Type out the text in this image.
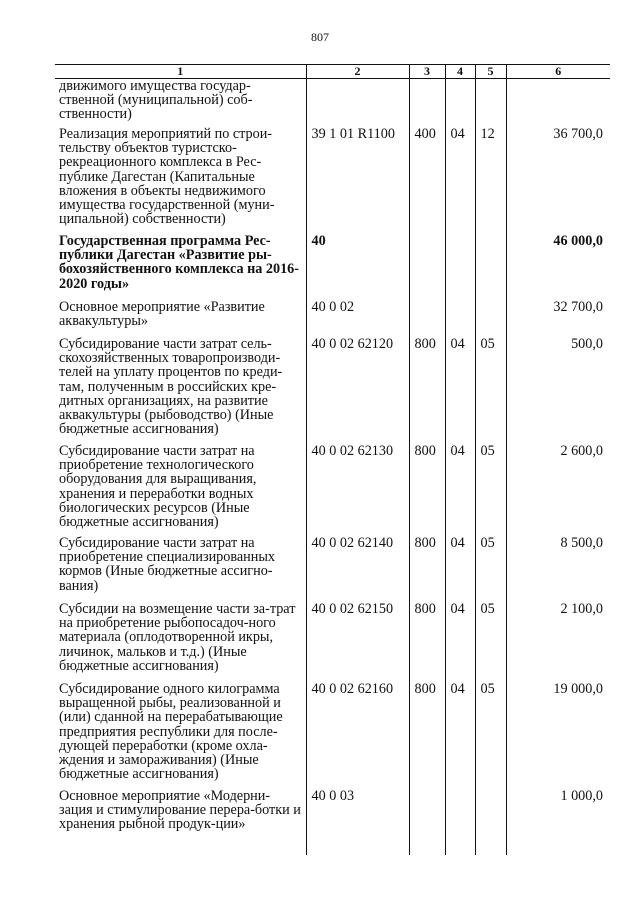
807
1	2	3	4	5	6
движимого имущества государ-ственной (муниципальной) соб-ственности)					
Реализация мероприятий по строи-тельству объектов туристско-рекреационного комплекса в Рес-публике Дагестан (Капитальные вложения в объекты недвижимого имущества государственной (муни-ципальной) собственности)	39 1 01 R1100	400	04	12	36 700,0
Государственная программа Рес-публики Дагестан «Развитие ры-бохозяйственного комплекса на 2016-2020 годы»	40				46 000,0
Основное мероприятие «Развитие аквакультуры»	40 0 02				32 700,0
Субсидирование части затрат сель-скохозяйственных товаропроизводи-телей на уплату процентов по креди-там, полученным в российских кре-дитных организациях, на развитие аквакультуры (рыбоводство) (Иные бюджетные ассигнования)	40 0 02 62120	800	04	05	500,0
Субсидирование части затрат на приобретение технологического оборудования для выращивания, хранения и переработки водных биологических ресурсов (Иные бюджетные ассигнования)	40 0 02 62130	800	04	05	2 600,0
Субсидирование части затрат на приобретение специализированных кормов (Иные бюджетные ассигно-вания)	40 0 02 62140	800	04	05	8 500,0
Субсидии на возмещение части за-трат на приобретение рыбопосадоч-ного материала (оплодотворенной икры, личинок, мальков и т.д.) (Иные бюджетные ассигнования)	40 0 02 62150	800	04	05	2 100,0
Субсидирование одного килограмма выращенной рыбы, реализованной и (или) сданной на перерабатывающие предприятия республики для после-дующей переработки (кроме охла-ждения и замораживания) (Иные бюджетные ассигнования)	40 0 02 62160	800	04	05	19 000,0
Основное мероприятие «Модерни-зация и стимулирование перера-ботки и хранения рыбной продук-ции»	40 0 03				1 000,0
